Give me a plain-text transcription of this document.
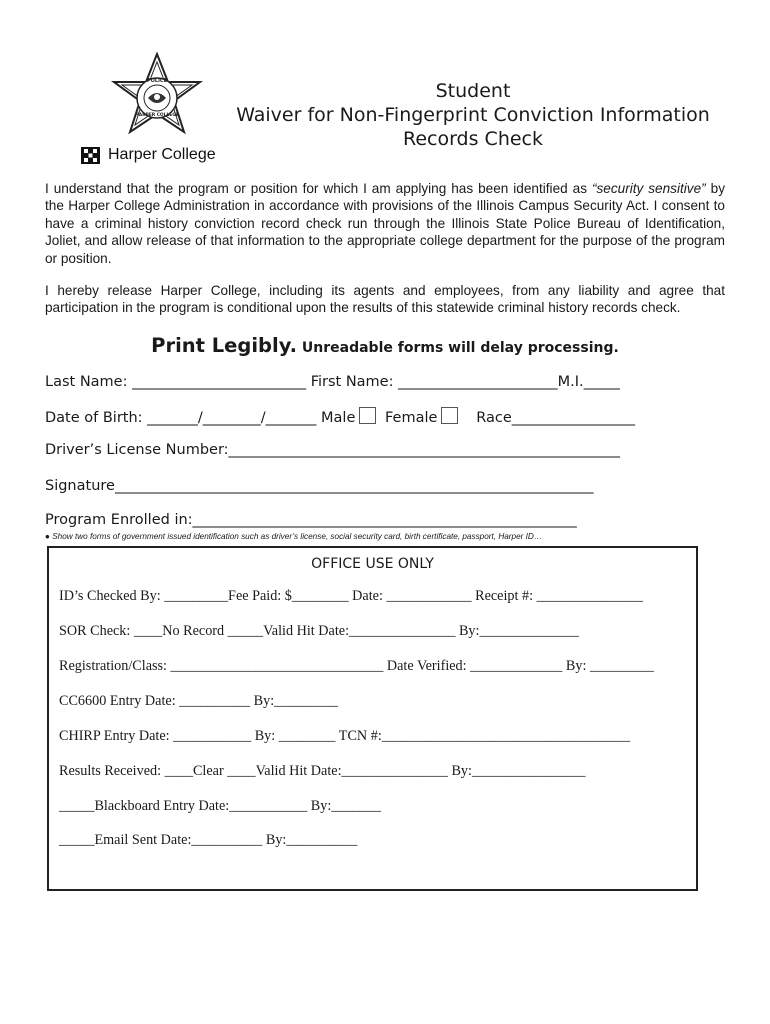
POLICE
HARPER COLLEGE
Harper College
Student
Waiver for Non-Fingerprint Conviction Information
Records Check
I understand that the program or position for which I am applying has been identified as “security sensitive” by the Harper College Administration in accordance with provisions of the Illinois Campus Security Act. I consent to have a criminal history conviction record check run through the Illinois State Police Bureau of Identification, Joliet, and allow release of that information to the appropriate college department for the purpose of the program or position.
I hereby release Harper College, including its agents and employees, from any liability and agree that participation in the program is conditional upon the results of this statewide criminal history records check.
Print Legibly. Unreadable forms will delay processing.
Last Name: ________________________ First Name: ______________________M.I._____
Date of Birth: _______/________/_______ Male Female	Race_________________
Driver’s License Number:______________________________________________________
Signature__________________________________________________________________
Program Enrolled in:_____________________________________________________
● Show two forms of government issued identification such as driver’s license, social security card, birth certificate, passport, Harper ID…
OFFICE USE ONLY
ID’s Checked By: _________Fee Paid: $________ Date: ____________ Receipt #: _______________
SOR Check: ____No Record _____Valid Hit Date:_______________ By:______________
Registration/Class: ______________________________ Date Verified: _____________ By: _________
CC6600 Entry Date: __________ By:_________
CHIRP Entry Date: ___________ By: ________ TCN #:___________________________________
Results Received: ____Clear ____Valid Hit Date:_______________ By:________________
_____Blackboard Entry Date:___________ By:_______
_____Email Sent Date:__________ By:__________
